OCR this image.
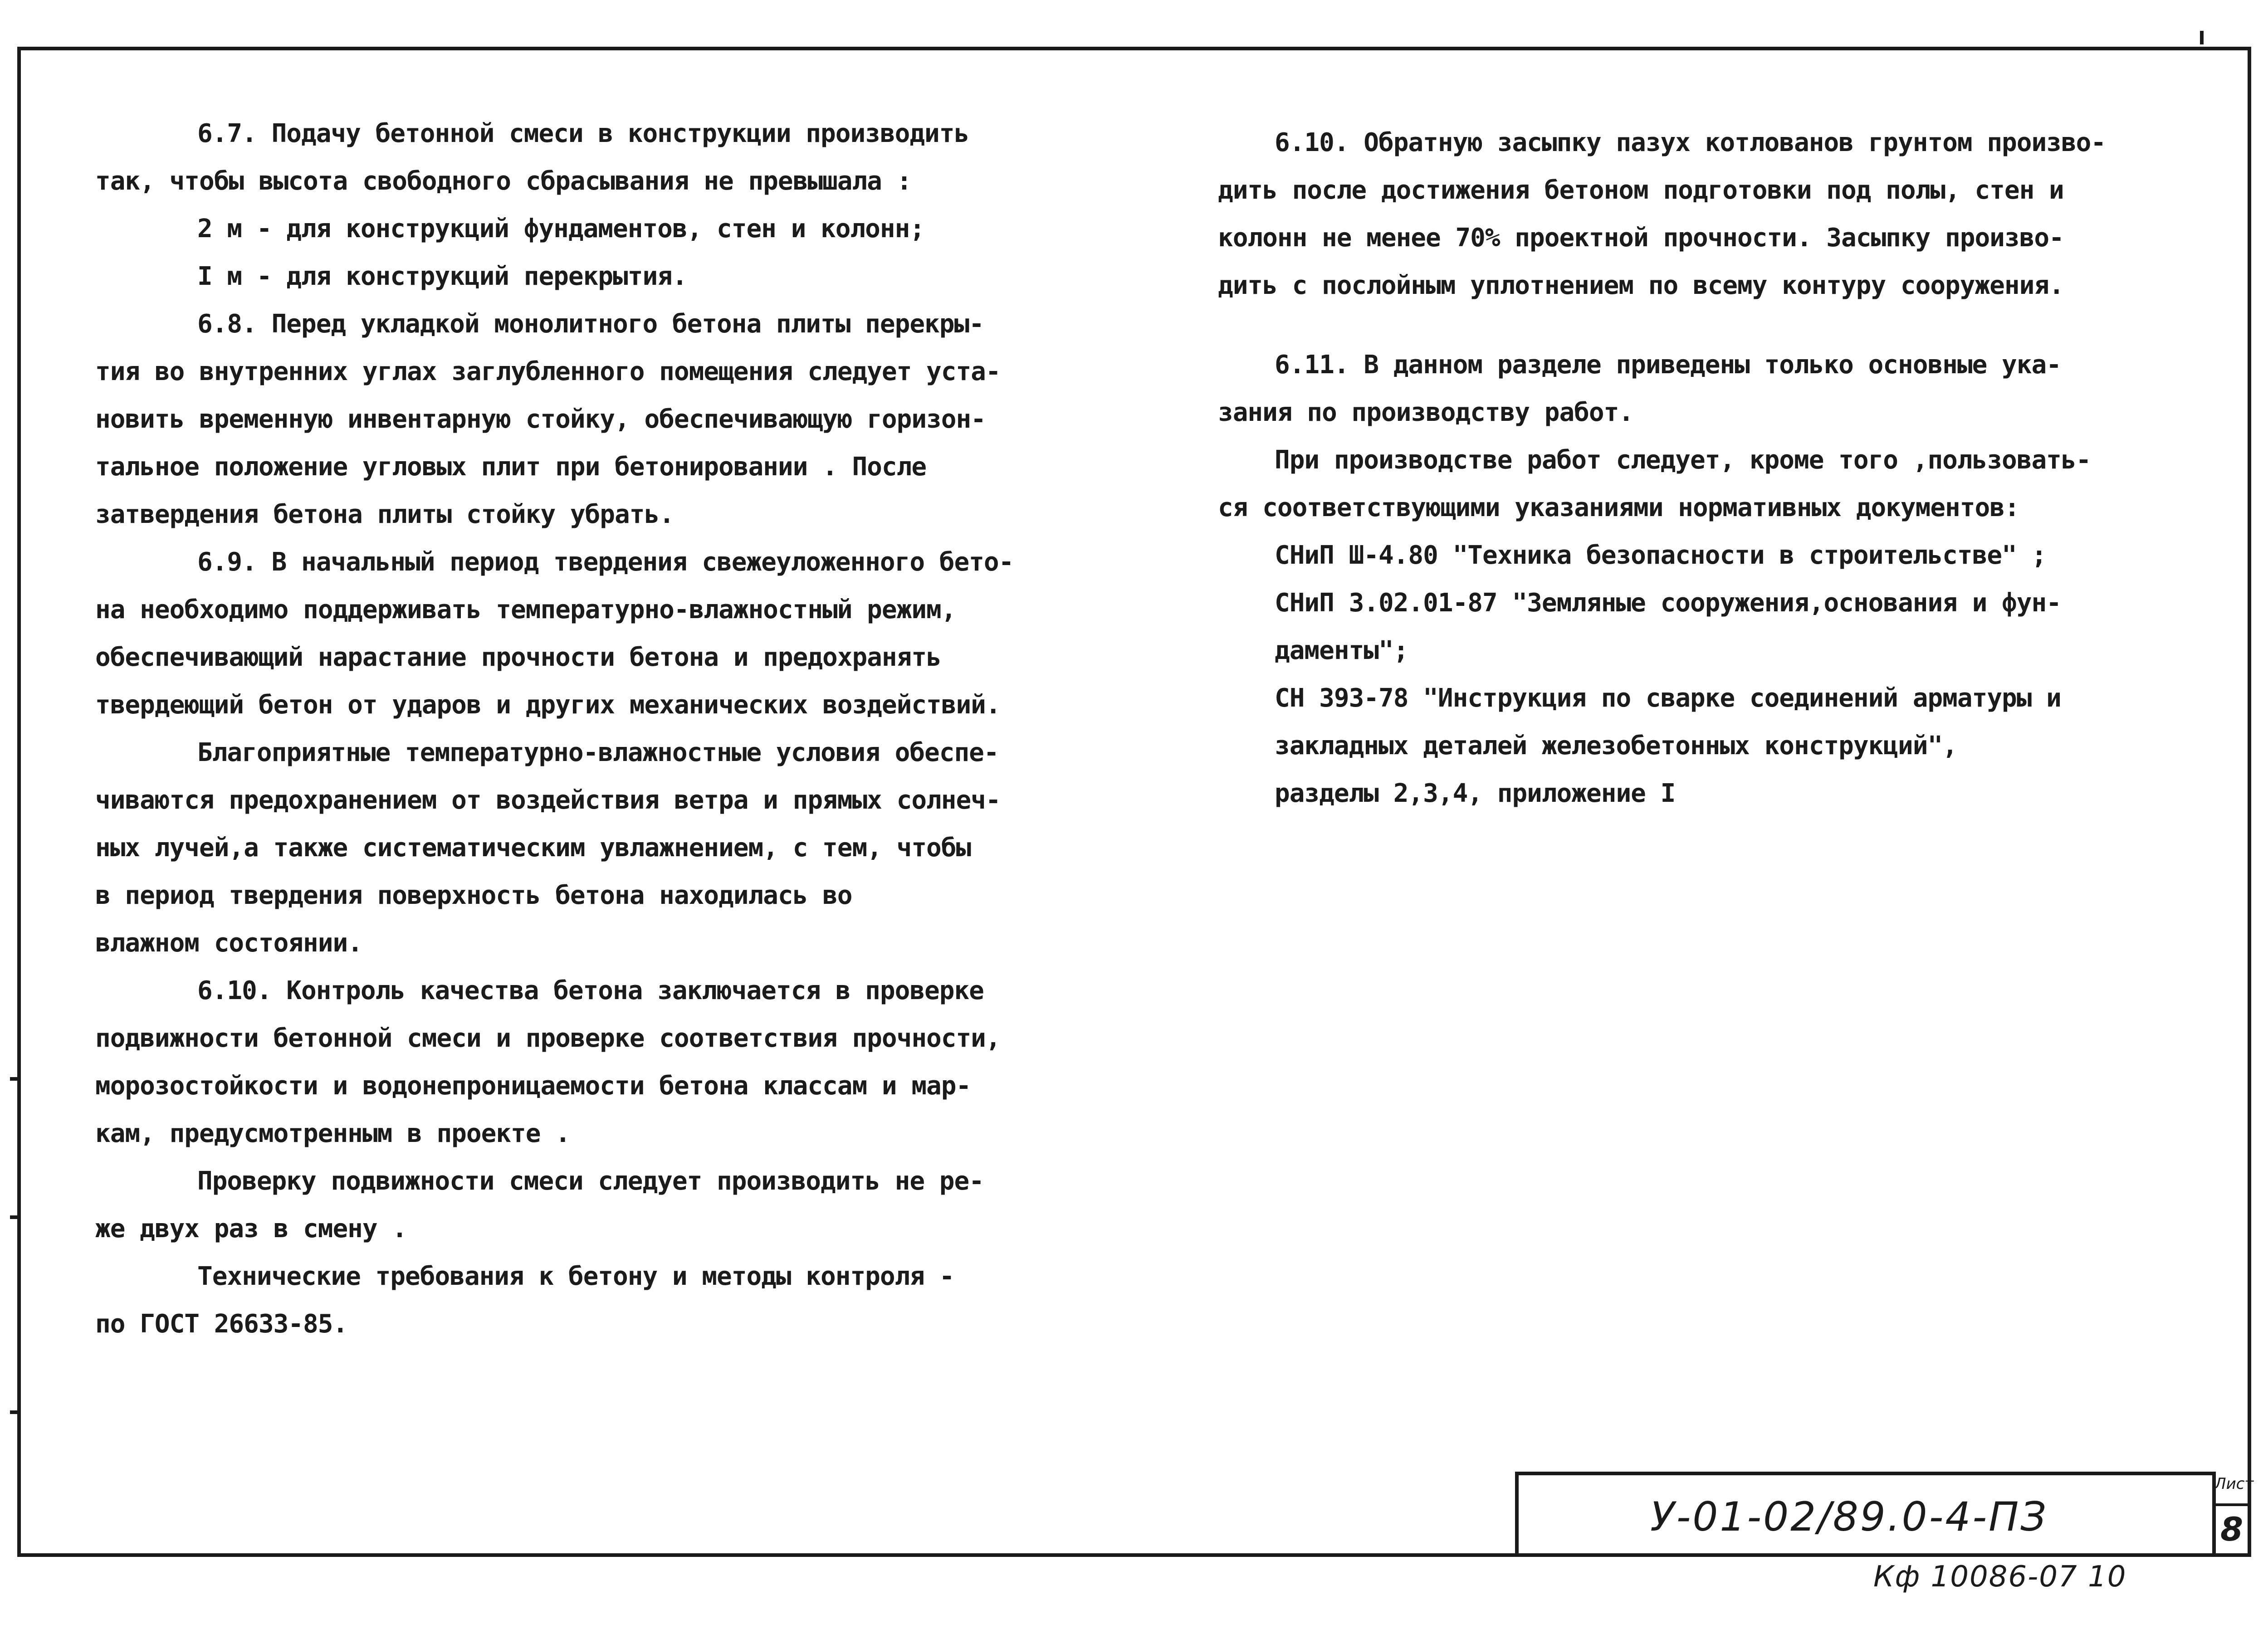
6.7. Подачу бетонной смеси в конструкции производить

так, чтобы высота свободного сбрасывания не превышала :

2 м - для конструкций фундаментов, стен и колонн;

I м - для конструкций перекрытия.

6.8. Перед укладкой монолитного бетона плиты перекры-

тия во внутренних углах заглубленного помещения следует уста-

новить временную инвентарную стойку, обеспечивающую горизон-

тальное положение угловых плит при бетонировании . После

затвердения бетона плиты стойку убрать.

6.9. В начальный период твердения свежеуложенного бето-

на необходимо поддерживать температурно-влажностный режим,

обеспечивающий нарастание прочности бетона и предохранять

твердеющий бетон от ударов и других механических воздействий.

Благоприятные температурно-влажностные условия обеспе-

чиваются предохранением от воздействия ветра и прямых солнеч-

ных лучей,а также систематическим увлажнением, с тем, чтобы

в период твердения поверхность бетона находилась во

влажном состоянии.

6.10. Контроль качества бетона заключается в проверке

подвижности бетонной смеси и проверке соответствия прочности,

морозостойкости и водонепроницаемости бетона классам и мар-

кам, предусмотренным в проекте .

Проверку подвижности смеси следует производить не ре-

же двух раз в смену .

Технические требования к бетону и методы контроля -

по ГОСТ 26633-85.

6.10. Обратную засыпку пазух котлованов грунтом произво-

дить после достижения бетоном подготовки под полы, стен и

колонн не менее 70% проектной прочности. Засыпку произво-

дить с послойным уплотнением по всему контуру сооружения.

6.11. В данном разделе приведены только основные ука-

зания по производству работ.

При производстве работ следует, кроме того ,пользовать-

ся соответствующими указаниями нормативных документов:

СНиП Ш-4.80 "Техника безопасности в строительстве" ;

СНиП 3.02.01-87 "Земляные сооружения,основания и фун-

даменты";

СН 393-78 "Инструкция по сварке соединений арматуры и

закладных деталей железобетонных конструкций",

разделы 2,3,4, приложение I

У-01-02/89.0-4-ПЗ
Лист
8
Кф 10086-07 10
